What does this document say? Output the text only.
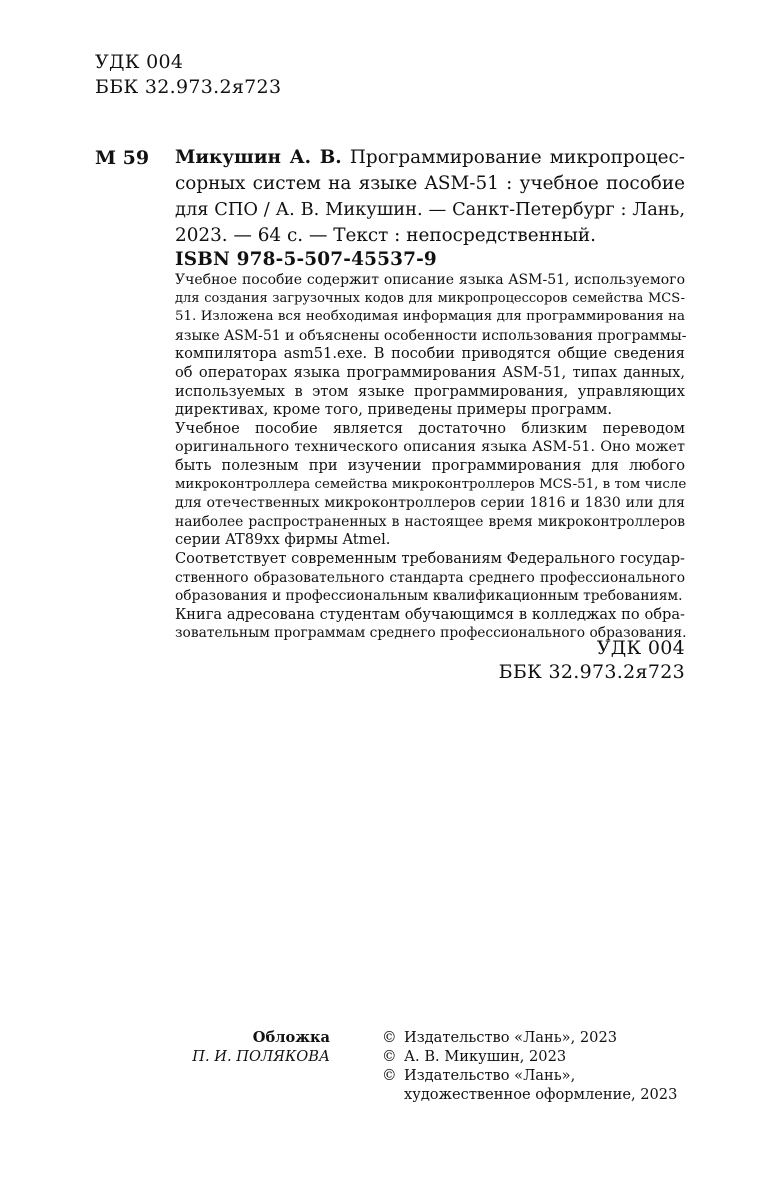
УДК 004
ББК 32.973.2я723
М 59 Микушин А. В. Программирование микропроцес-
сорных систем на языке ASM-51 : учебное пособие
для СПО / А. В. Микушин. — Санкт-Петербург : Лань,
2023. — 64 с. — Текст : непосредственный.
ISBN 978-5-507-45537-9
Учебное пособие содержит описание языка ASM-51, используемого
для создания загрузочных кодов для микропроцессоров семейства MCS-
51. Изложена вся необходимая информация для программирования на
языке ASM-51 и объяснены особенности использования программы-
компилятора asm51.exe. В пособии приводятся общие сведения
об операторах языка программирования ASM-51, типах данных,
используемых в этом языке программирования, управляющих
директивах, кроме того, приведены примеры программ.
Учебное пособие является достаточно близким переводом
оригинального технического описания языка ASM-51. Оно может
быть полезным при изучении программирования для любого
микроконтроллера семейства микроконтроллеров MCS-51, в том числе
для отечественных микроконтроллеров серии 1816 и 1830 или для
наиболее распространенных в настоящее время микроконтроллеров
серии AT89xx фирмы Atmel.
Соответствует современным требованиям Федерального государ-
ственного образовательного стандарта среднего профессионального
образования и профессиональным квалификационным требованиям.
Книга адресована студентам обучающимся в колледжах по обра-
зовательным программам среднего профессионального образования.
УДК 004
ББК 32.973.2я723
Обложка
П. И. ПОЛЯКОВА
© Издательство «Лань», 2023
© А. В. Микушин, 2023
© Издательство «Лань»,
художественное оформление, 2023
